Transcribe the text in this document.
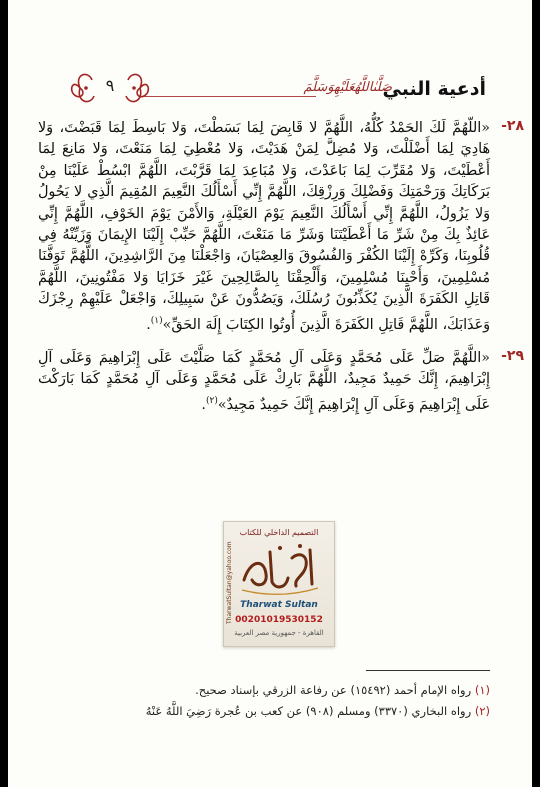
أدعية النبي
صَلَّىٰاللَّهُعَلَيْهِوَسَلَّمَ
٩
٢٨-

«اللّهُمَّ لَكَ الحَمْدُ كُلُّهُ، اللَّهُمَّ لا قَابِضَ لِمَا بَسَطْتَ، وَلا بَاسِطَ لِمَا قَبَضْتَ، وَلا هَادِيَ لِمَا أَضْلَلْتَ، وَلا مُضِلَّ لِمَنْ هَدَيْتَ، وَلا مُعْطِيَ لِمَا مَنَعْتَ، وَلا مَانِعَ لِمَا أَعْطَيْتَ، وَلا مُقَرِّبَ لِمَا بَاعَدْتَ، وَلا مُبَاعِدَ لِمَا قَرَّبْتَ، اللَّهُمَّ ابْسُطْ عَلَيْنَا مِنْ بَرَكَاتِكَ وَرَحْمَتِكَ وَفَضْلِكَ وَرِزْقِكَ، اللَّهُمَّ إِنِّي أَسْأَلُكَ النَّعِيمَ المُقِيمَ الَّذِي لا يَحُولُ وَلا يَزُولُ، اللَّهُمَّ إِنِّي أَسْأَلُكَ النَّعِيمَ يَوْمَ العَيْلَةِ، وَالأَمْنَ يَوْمَ الخَوْفِ، اللَّهُمَّ إِنِّي عَائِذٌ بِكَ مِنْ شَرِّ مَا أَعْطَيْتَنَا وَشَرِّ مَا مَنَعْتَ، اللَّهُمَّ حَبِّبْ إِلَيْنَا الإِيمَانَ وَزَيِّنْهُ فِي قُلُوبِنَا، وَكَرِّهْ إِلَيْنَا الكُفْرَ وَالفُسُوقَ وَالعِصْيَانَ، وَاجْعَلْنَا مِنَ الرَّاشِدِينَ، اللَّهُمَّ تَوَفَّنَا مُسْلِمِينَ، وَأَحْيِنَا مُسْلِمِينَ، وَأَلْحِقْنَا بِالصَّالِحِينَ غَيْرَ خَزَايَا وَلا مَفْتُونِينَ، اللَّهُمَّ قَاتِلِ الكَفَرَةَ الَّذِينَ يُكَذِّبُونَ رُسُلَكَ، وَيَصُدُّونَ عَنْ سَبِيلِكَ، وَاجْعَلْ عَلَيْهِمْ رِجْزَكَ وَعَذَابَكَ، اللَّهُمَّ قَاتِلِ الكَفَرَةَ الَّذِينَ أُوتُوا الكِتَابَ إِلَهَ الحَقِّ»$^{(١)}$.

٢٩-

«اللَّهُمَّ صَلِّ عَلَى مُحَمَّدٍ وَعَلَى آلِ مُحَمَّدٍ كَمَا صَلَّيْتَ عَلَى إِبْرَاهِيمَ وَعَلَى آلِ إِبْرَاهِيمَ، إِنَّكَ حَمِيدٌ مَجِيدٌ، اللَّهُمَّ بَارِكْ عَلَى مُحَمَّدٍ وَعَلَى آلِ مُحَمَّدٍ كَمَا بَارَكْتَ عَلَى إِبْرَاهِيمَ وَعَلَى آلِ إِبْرَاهِيمَ إِنَّكَ حَمِيدٌ مَجِيدٌ»$^{(٢)}$.

التصميم الداخلي للكتاب
TharwatSultan@yahoo.com Tharwat Sultan
00201019530152
القاهرة - جمهورية مصر العربية
(١) رواه الإمام أحمد (١٥٤٩٢) عن رفاعة الزرقي بإسناد صحيح.
(٢) رواه البخاري (٣٣٧٠) ومسلم (٩٠٨) عن كعب بن عُجرة رَضِيَ اللَّهُ عَنْهُ
